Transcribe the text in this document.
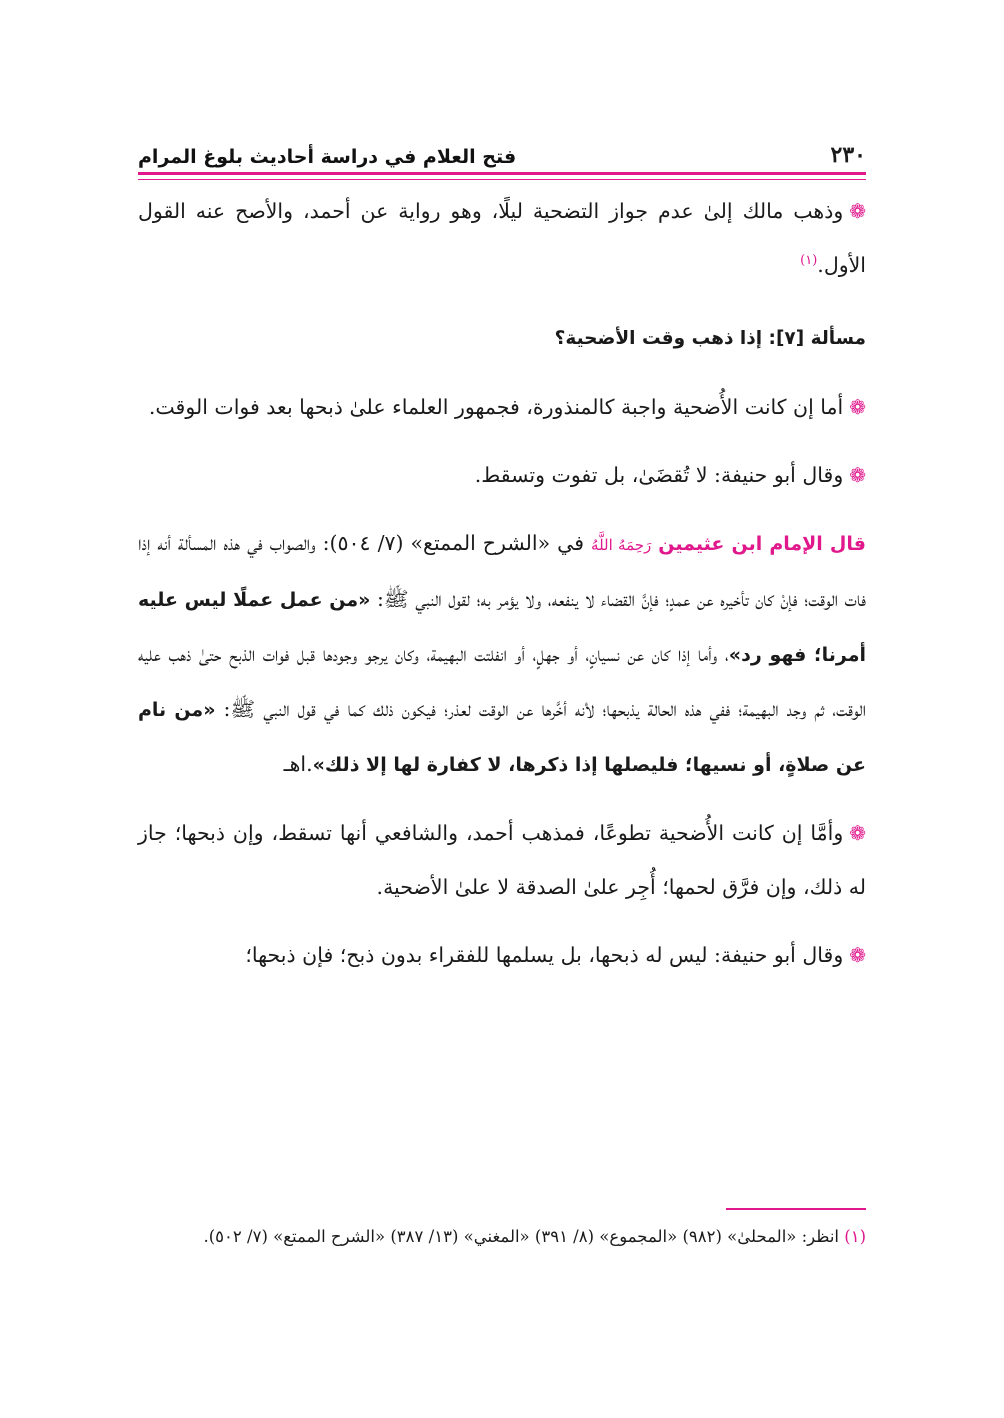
٢٣٠
فتح العلام في دراسة أحاديث بلوغ المرام

❁وذهب مالك إلىٰ عدم جواز التضحية ليلًا، وهو رواية عن أحمد، والأصح عنه القول الأول.$^{(١)}$

مسألة [٧]: إذا ذهب وقت الأضحية؟

❁أما إن كانت الأُضحية واجبة كالمنذورة، فجمهور العلماء علىٰ ذبحها بعد فوات الوقت.

❁وقال أبو حنيفة: لا تُقضَىٰ، بل تفوت وتسقط.

قال الإمام ابن عثيمين رَحِمَهُ اللَّهُ في «الشرح الممتع» (٧/ ٥٠٤): والصواب في هذه المسألة أنه إذا فات الوقت؛ فإنْ كان تأخيره عن عمدٍ؛ فإنَّ القضاء لا ينفعه، ولا يؤمر به؛ لقول النبي ﷺ: «من عمل عملًا ليس عليه أمرنا؛ فهو رد»، وأما إذا كان عن نسيانٍ، أو جهلٍ، أو انفلتت البهيمة، وكان يرجو وجودها قبل فوات الذبح حتىٰ ذهب عليه الوقت، ثم وجد البهيمة؛ ففي هذه الحالة يذبحها؛ لأنه أخَّرها عن الوقت لعذر؛ فيكون ذلك كما في قول النبي ﷺ: «من نام عن صلاةٍ، أو نسيها؛ فليصلها إذا ذكرها، لا كفارة لها إلا ذلك».اهـ

❁وأمَّا إن كانت الأُضحية تطوعًا، فمذهب أحمد، والشافعي أنها تسقط، وإن ذبحها؛ جاز له ذلك، وإن فرَّق لحمها؛ أُجِر علىٰ الصدقة لا علىٰ الأضحية.

❁وقال أبو حنيفة: ليس له ذبحها، بل يسلمها للفقراء بدون ذبح؛ فإن ذبحها؛

(١) انظر: «المحلىٰ» (٩٨٢) «المجموع» (٨/ ٣٩١) «المغني» (١٣/ ٣٨٧) «الشرح الممتع» (٧/ ٥٠٢).
